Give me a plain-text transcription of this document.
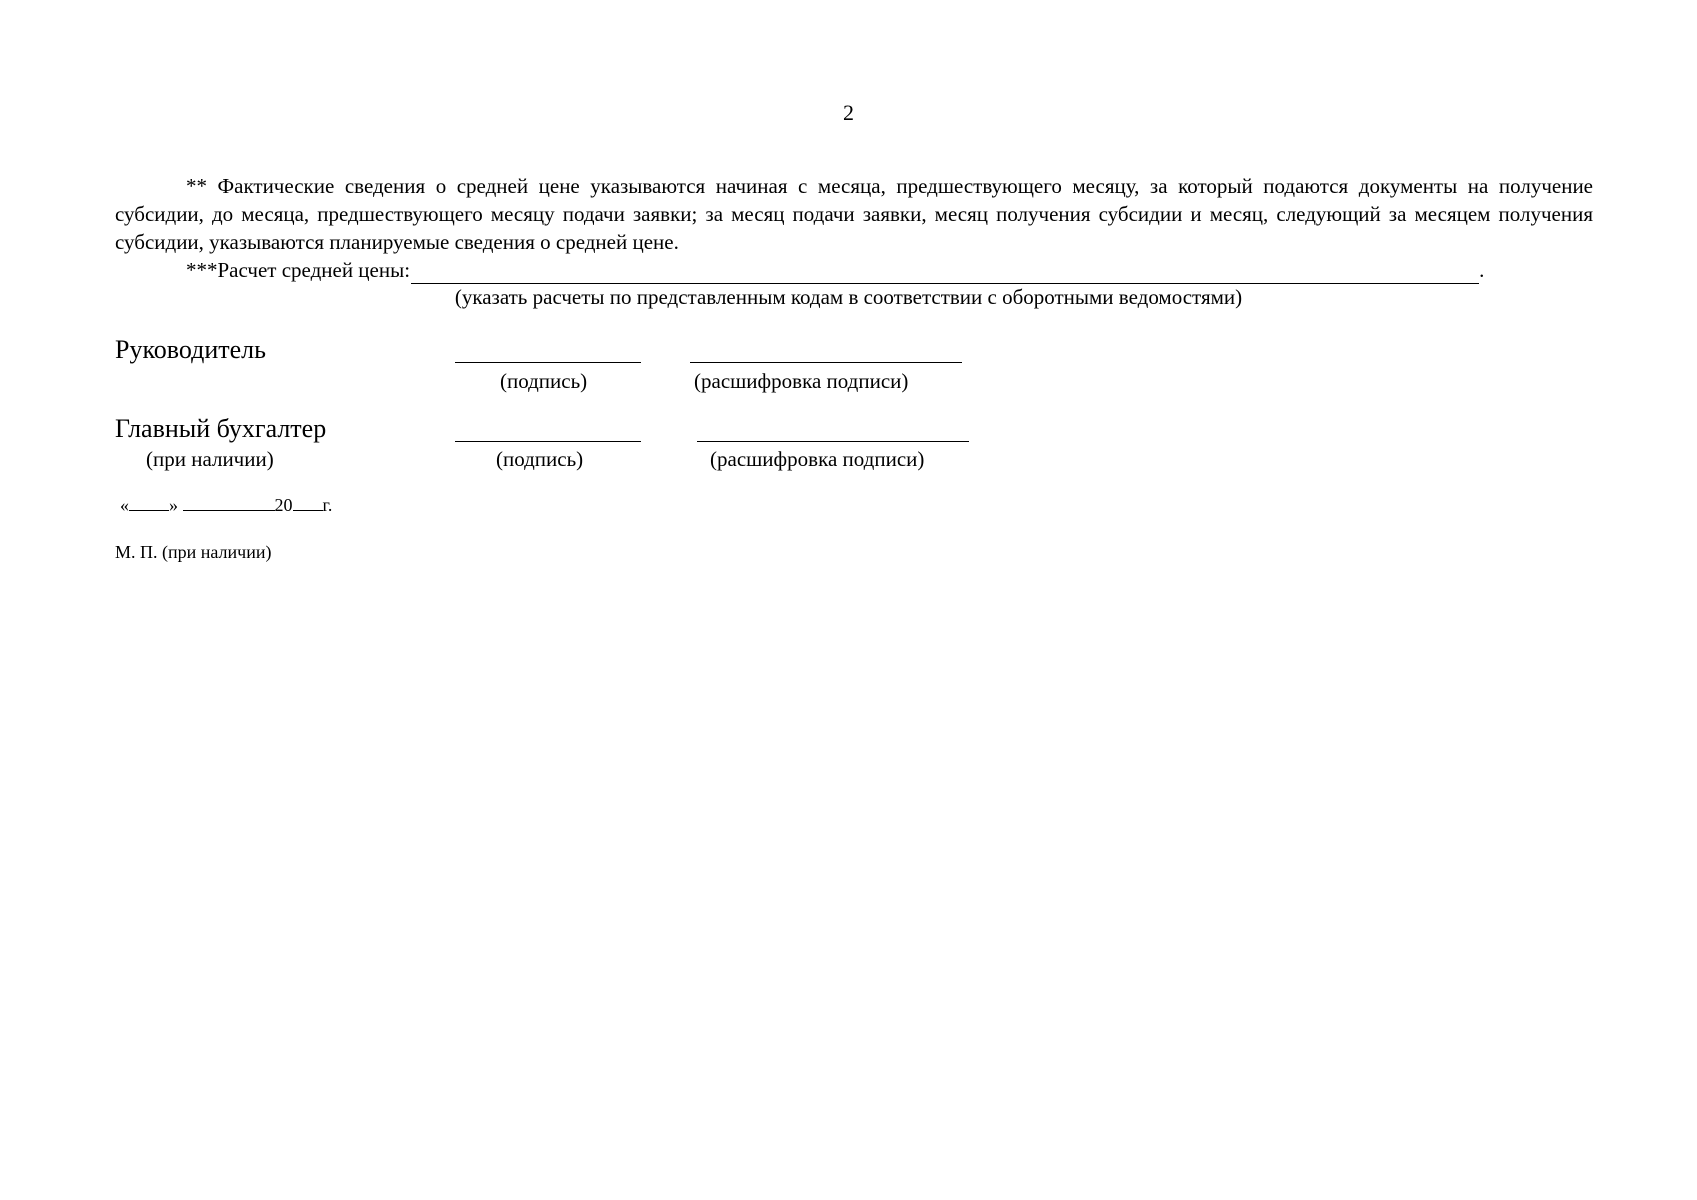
2

** Фактические сведения о средней цене указываются начиная с месяца, предшествующего месяцу, за который подаются документы на получение субсидии, до месяца, предшествующего месяцу подачи заявки; за месяц подачи заявки, месяц получения субсидии и месяц, следующий за месяцем получения субсидии, указываются планируемые сведения о средней цене.

***Расчет средней цены:	.
(указать расчеты по представленным кодам в соответствии с оборотными ведомостями)
Руководитель
(подпись)	(расшифровка подписи)
Главный бухгалтер
(при наличии)	(подпись)	(расшифровка подписи)
« »	20 г.
М. П. (при наличии)
